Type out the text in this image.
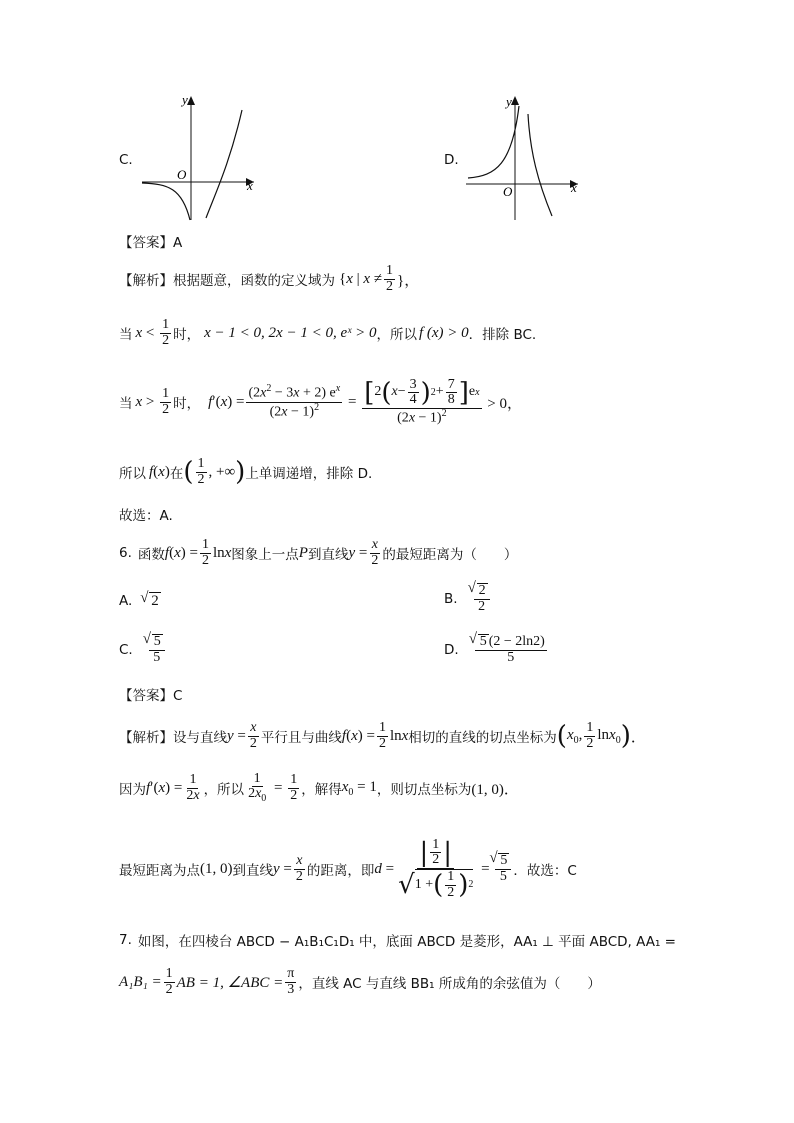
C.
y
x
O
D.
y
x
O
【答案】A
【解析】 根据题意，函数的定义域为 {x | $x \ne \frac{1}{2}$ }，
当 $x < \frac{1}{2}$ 时， x − 1 < 0, 2x − 1 < 0, eˣ > 0 ，所以 f (x) > 0 ．排除 BC.
当 $x > \frac{1}{2}$ 时， $f'(x) = \frac{(2x^2 - 3x + 2) e^x}{(2x - 1)^2} = \frac{[ 2 ( x - \frac{3}{4} ) 2 + \frac{7}{8} ] e x}{(2x - 1)^2} > 0$，
所以 f (x) 在 ( $\frac{1}{2}$ , +∞ ) 上单调递增，排除 D.
故选：A.
6. 函数 $f(x) = \frac{1}{2}$ lnx 图象上一点 P 到直线 $y = \frac{x}{2}$ 的最短距离为（　　）
A. √ 2	B. √ $\frac{2}{2}$
C. √ $\frac{5}{5}$	D. √ $\frac{5 (2 - 2\ln 2)}{5}$
【答案】C
【解析】 设与直线 $y = \frac{x}{2}$ 平行且与曲线 $f(x) = \frac{1}{2}$ lnx 相切的直线的切点坐标为 ( $x_0$, $\frac{1}{2} \ln x_0$ ) ．
因为 $f'(x) = \frac{1}{2x}$ ，所以 $\frac{1}{2x_0} = \frac{1}{2}$ ，解得 $x_0 = 1$ ，则切点坐标为 (1, 0)．
最短距离为点 (1, 0) 到直线 $y = \frac{x}{2}$ 的距离，即 $d = \frac{| \frac{1}{2} |}{√ 1 + ( \frac{1}{2} ) 2}$ = √ $\frac{5}{5}$ ．故选：C
7. 如图，在四棱台 ABCD − A₁B₁C₁D₁ 中，底面 ABCD 是菱形，AA₁ ⊥ 平面 ABCD, AA₁ =
$A_1B_1 = \frac{1}{2}$ AB = 1, ∠ABC = $\frac{\pi}{3}$ ，直线 AC 与直线 BB₁ 所成角的余弦值为（　　）
